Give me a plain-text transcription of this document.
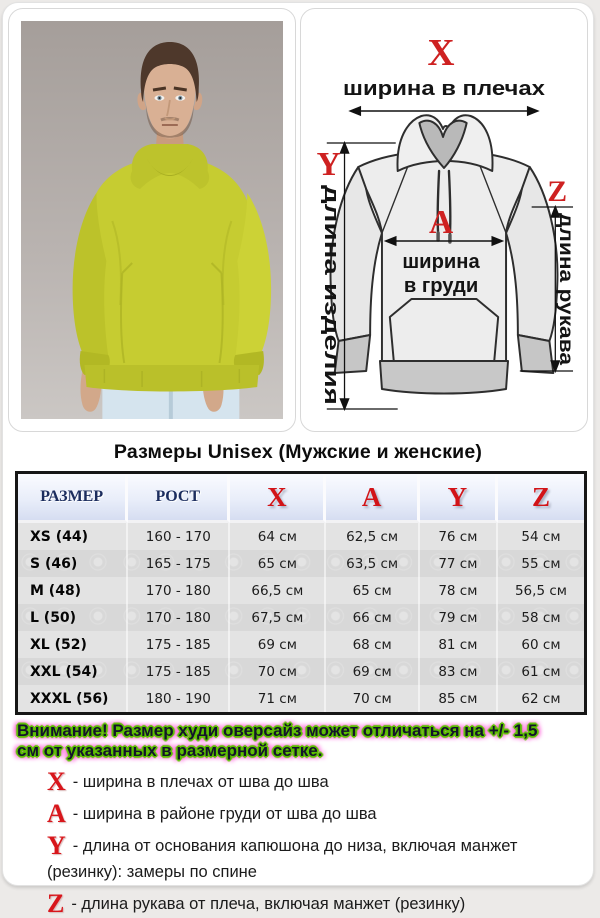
X
ширина в плечах
Y
длина изделия	A
ширина
в груди
Z
длина рукава
Размеры Unisex (Мужские и женские)
РАЗМЕР	РОСТ	X	A	Y	Z
XS (44)	160 - 170	64 см	62,5 см	76 см	54 см
S (46)	165 - 175	65 см	63,5 см	77 см	55 см
M (48)	170 - 180	66,5 см	65 см	78 см	56,5 см
L (50)	170 - 180	67,5 см	66 см	79 см	58 см
XL (52)	175 - 185	69 см	68 см	81 см	60 см
XXL (54)	175 - 185	70 см	69 см	83 см	61 см
XXXL (56)	180 - 190	71 см	70 см	85 см	62 см
Внимание! Размер худи оверсайз может отличаться на +/- 1,5
см от указанных в размерной сетке.
X - ширина в плечах от шва до шва
A - ширина в районе груди от шва до шва
Y - длина от основания капюшона до низа, включая манжет (резинку): замеры по спине
Z - длина рукава от плеча, включая манжет (резинку)
